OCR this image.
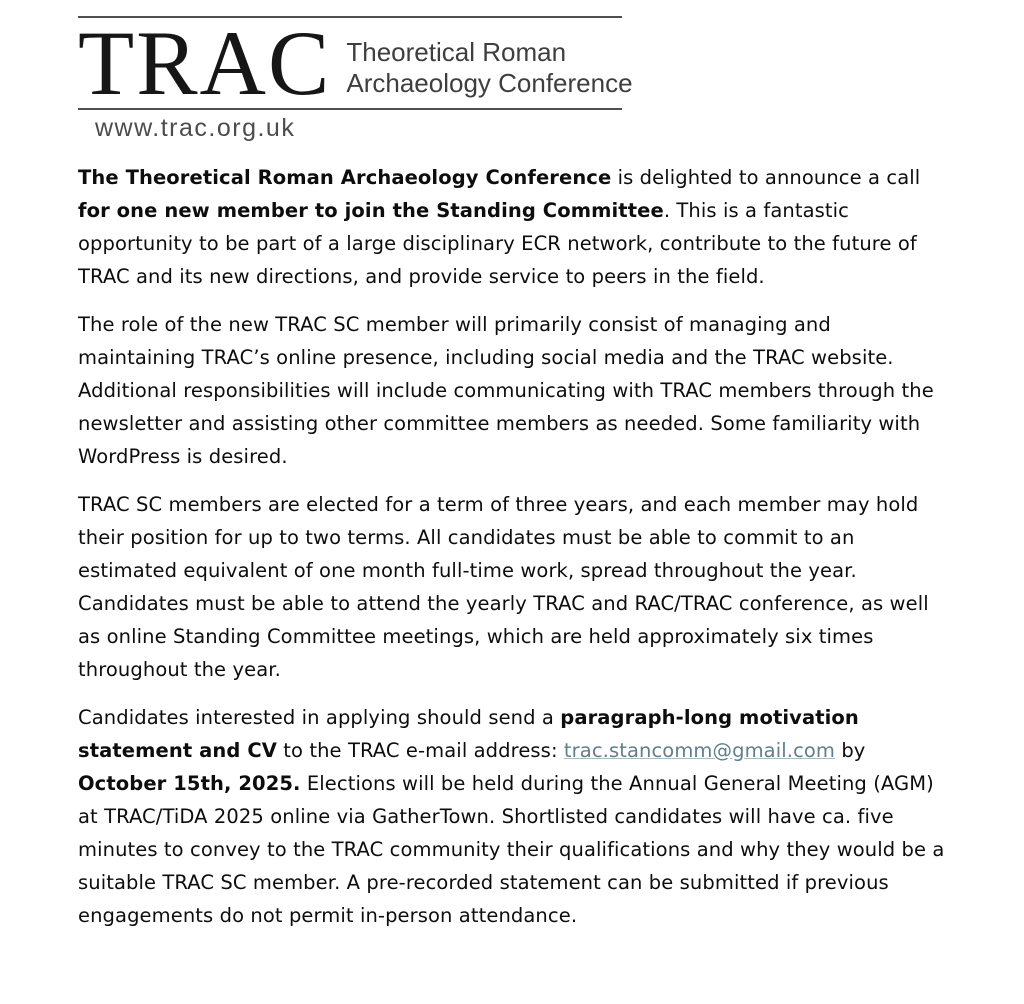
TRAC Theoretical Roman
Archaeology Conference
www.trac.org.uk

The Theoretical Roman Archaeology Conference is delighted to announce a call for one new member to join the Standing Committee. This is a fantastic opportunity to be part of a large disciplinary ECR network, contribute to the future of TRAC and its new directions, and provide service to peers in the field.

The role of the new TRAC SC member will primarily consist of managing and maintaining TRAC’s online presence, including social media and the TRAC website. Additional responsibilities will include communicating with TRAC members through the newsletter and assisting other committee members as needed. Some familiarity with WordPress is desired.

TRAC SC members are elected for a term of three years, and each member may hold their position for up to two terms. All candidates must be able to commit to an estimated equivalent of one month full-time work, spread throughout the year. Candidates must be able to attend the yearly TRAC and RAC/TRAC conference, as well as online Standing Committee meetings, which are held approximately six times throughout the year.

Candidates interested in applying should send a paragraph-long motivation statement and CV to the TRAC e-mail address: trac.stancomm@gmail.com by October 15th, 2025. Elections will be held during the Annual General Meeting (AGM) at TRAC/TiDA 2025 online via GatherTown. Shortlisted candidates will have ca. five minutes to convey to the TRAC community their qualifications and why they would be a suitable TRAC SC member. A pre-recorded statement can be submitted if previous engagements do not permit in-person attendance.
